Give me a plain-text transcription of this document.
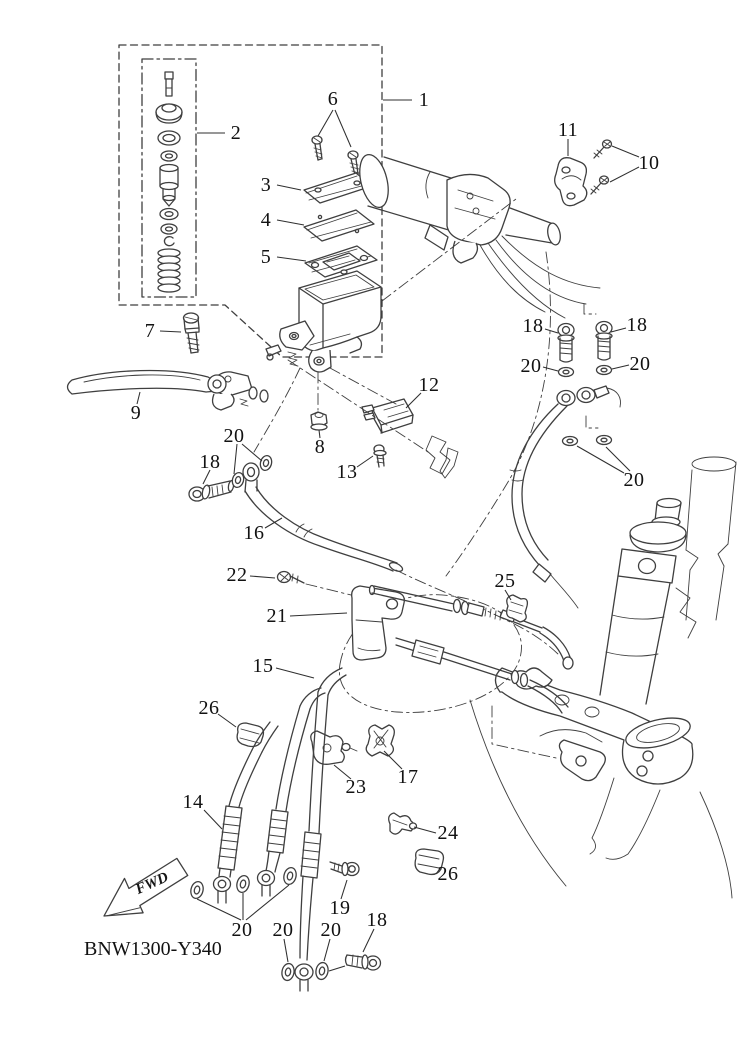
FWD
1
2
3
4
5
6
7
8
9
10
11
12
13
14
15
16
17
18
18	18
18
19
20
20	20
20
20 20 20
21
22
23
24
25
26
26
BNW1300-Y340
